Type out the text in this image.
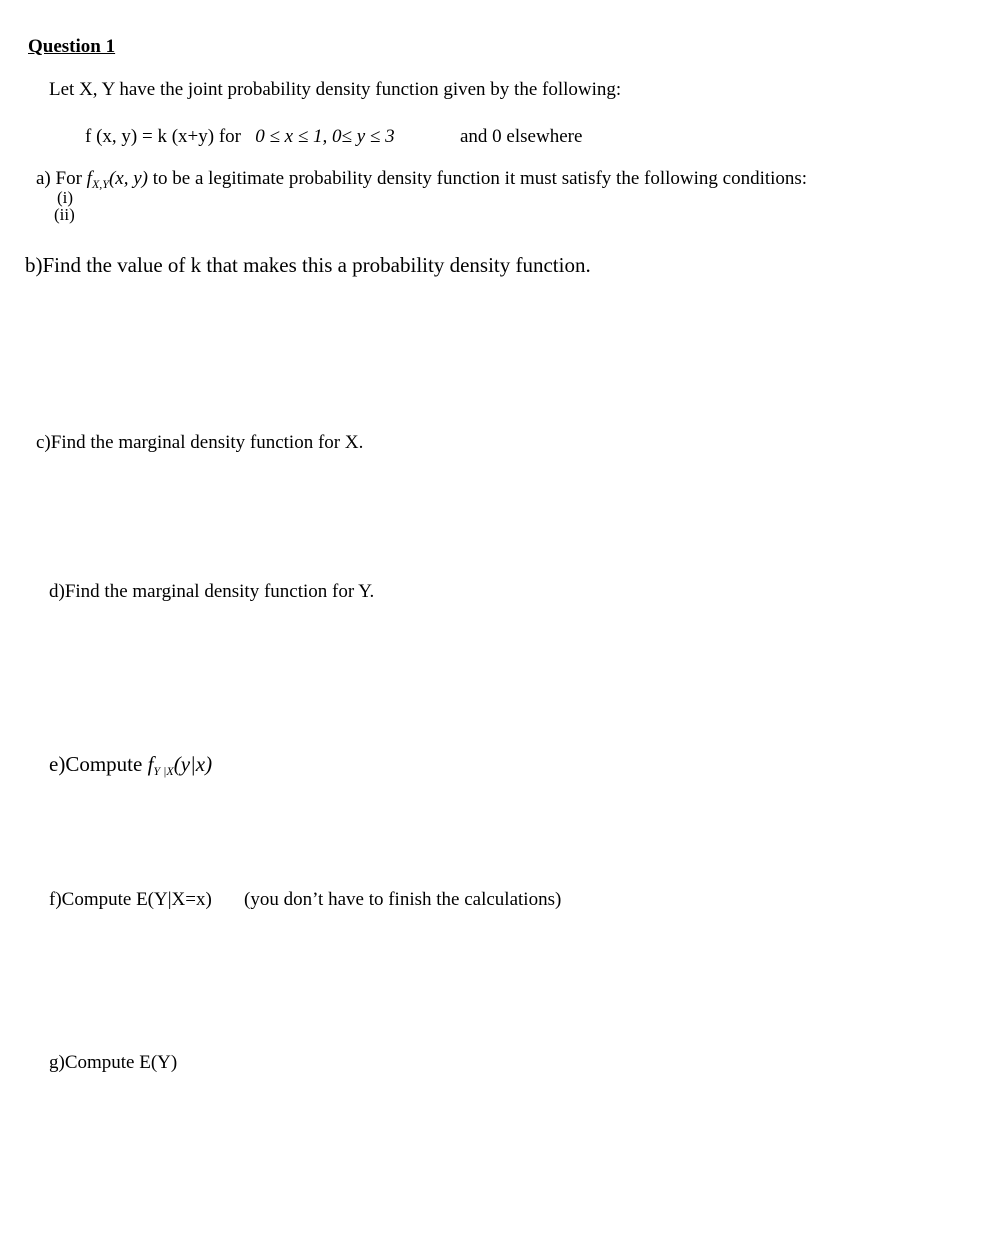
Question 1
Let X, Y have the joint probability density function given by the following:
f (x, y) = k (x+y) for 0 ≤ x ≤ 1, 0≤ y ≤ 3	and 0 elsewhere
a) For $f_{X,Y}(x$, y) to be a legitimate probability density function it must satisfy the following conditions:
(i)
(ii)
b)Find the value of k that makes this a probability density function.
c)Find the marginal density function for X.
d)Find the marginal density function for Y.
e)Compute fY |X(y|x)
f)Compute E(Y|X=x) (you don’t have to finish the calculations)
g)Compute E(Y)
